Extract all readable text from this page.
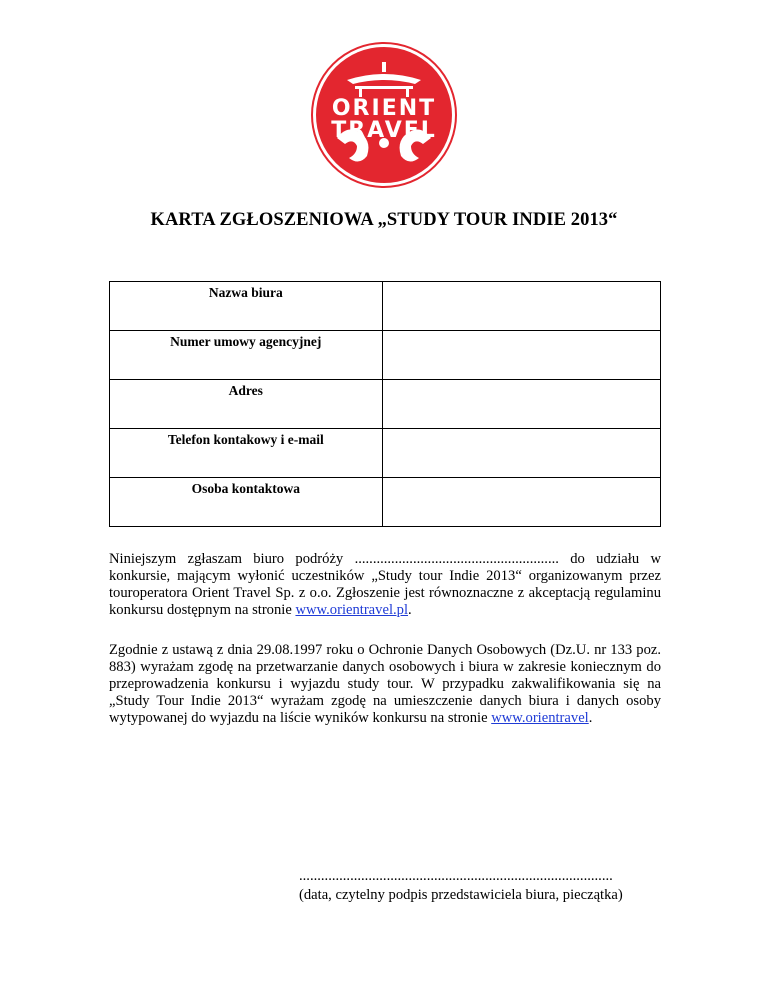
ORIENT
TRAVEL
KARTA ZGŁOSZENIOWA „STUDY TOUR INDIE 2013“
Nazwa biura	

Numer umowy agencyjnej	

Adres	

Telefon kontakowy i e-mail	

Osoba kontaktowa	

Niniejszym zgłaszam biuro podróży ........................................................ do udziału w konkursie, mającym wyłonić uczestników „Study tour Indie 2013“ organizowanym przez touroperatora Orient Travel Sp. z o.o. Zgłoszenie jest równoznaczne z akceptacją regulaminu konkursu dostępnym na stronie www.orientravel.pl.
Zgodnie z ustawą z dnia 29.08.1997 roku o Ochronie Danych Osobowych (Dz.U. nr 133 poz. 883) wyrażam zgodę na przetwarzanie danych osobowych i biura w zakresie koniecznym do przeprowadzenia konkursu i wyjazdu study tour. W przypadku zakwalifikowania się na „Study Tour Indie 2013“ wyrażam zgodę na umieszczenie danych biura i danych osoby wytypowanej do wyjazdu na liście wyników konkursu na stronie www.orientravel.
......................................................................................
(data, czytelny podpis przedstawiciela biura, pieczątka)
